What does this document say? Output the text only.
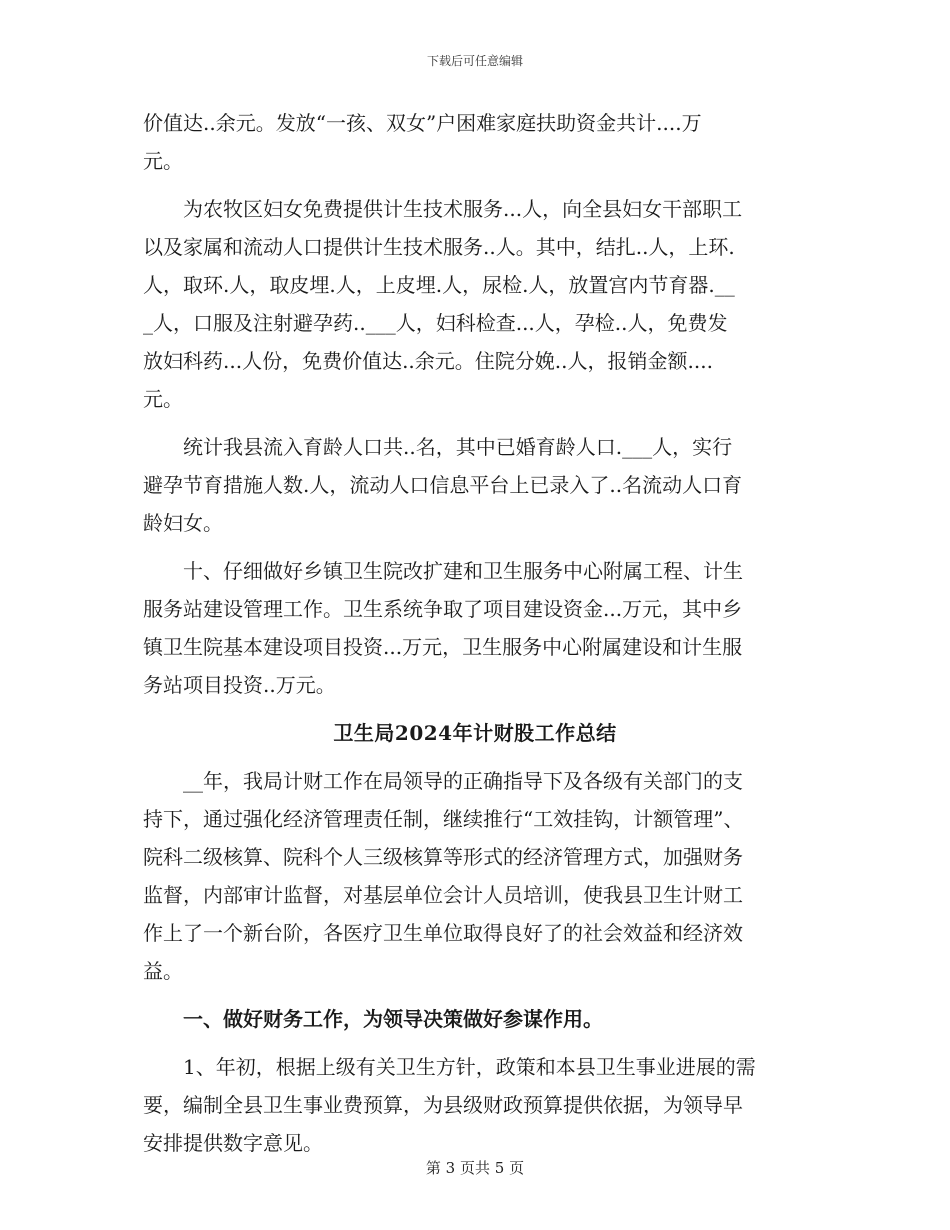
下载后可任意编辑
价值达..余元。发放“一孩、双女”户困难家庭扶助资金共计....万
元。
　　为农牧区妇女免费提供计生技术服务...人，向全县妇女干部职工
以及家属和流动人口提供计生技术服务..人。其中，结扎..人，上环.
人，取环.人，取皮埋.人，上皮埋.人，尿检.人，放置宫内节育器.__
_人，口服及注射避孕药..___人，妇科检查...人，孕检..人，免费发
放妇科药...人份，免费价值达..余元。住院分娩..人，报销金额....
元。
　　统计我县流入育龄人口共..名，其中已婚育龄人口.___人，实行
避孕节育措施人数.人，流动人口信息平台上已录入了..名流动人口育
龄妇女。
　　十、仔细做好乡镇卫生院改扩建和卫生服务中心附属工程、计生
服务站建设管理工作。卫生系统争取了项目建设资金...万元，其中乡
镇卫生院基本建设项目投资...万元，卫生服务中心附属建设和计生服
务站项目投资..万元。
卫生局2024年计财股工作总结
　　__年，我局计财工作在局领导的正确指导下及各级有关部门的支
持下，通过强化经济管理责任制，继续推行“工效挂钩，计额管理”、
院科二级核算、院科个人三级核算等形式的经济管理方式，加强财务
监督，内部审计监督，对基层单位会计人员培训，使我县卫生计财工
作上了一个新台阶，各医疗卫生单位取得良好了的社会效益和经济效
益。
　　一、做好财务工作，为领导决策做好参谋作用。
　　1、年初，根据上级有关卫生方针，政策和本县卫生事业进展的需
要，编制全县卫生事业费预算，为县级财政预算提供依据，为领导早
安排提供数字意见。
第 3 页共 5 页
